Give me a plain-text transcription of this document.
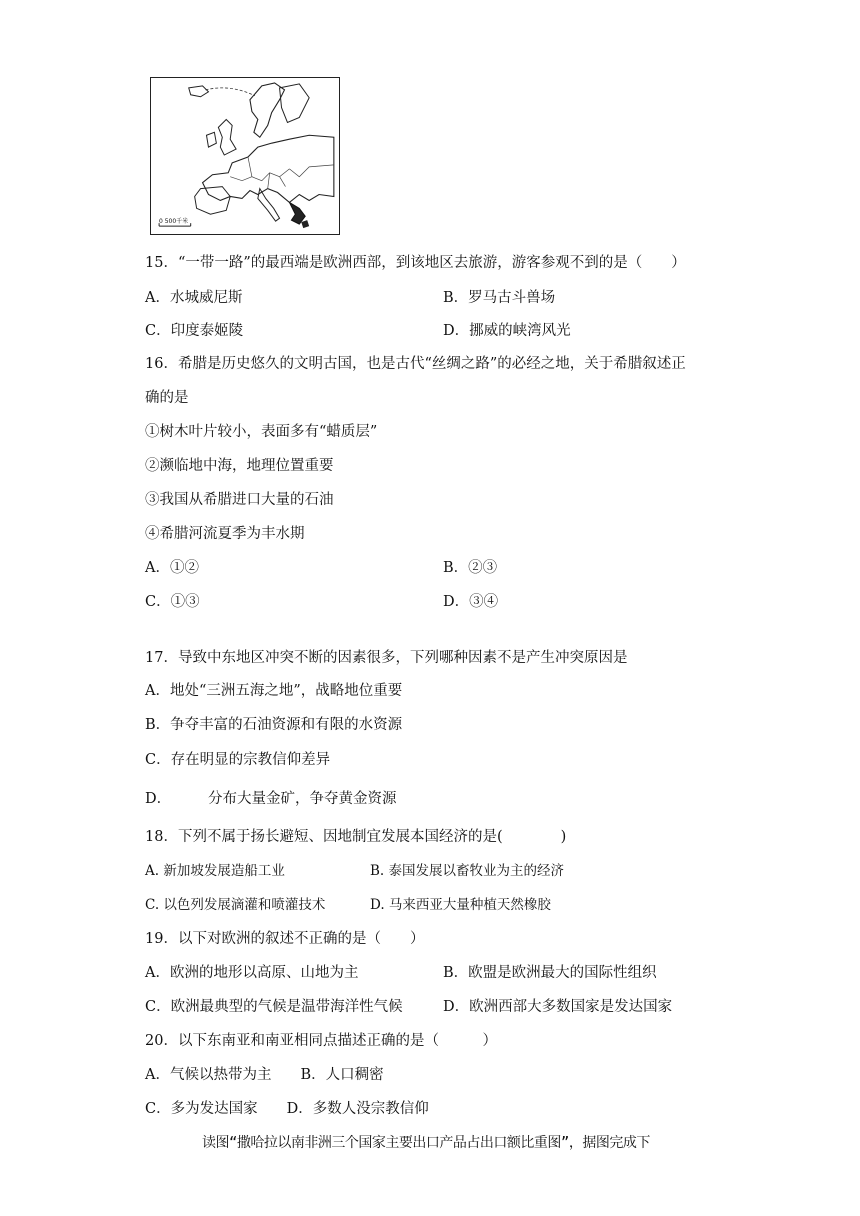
0 500千米
15．“一带一路”的最西端是欧洲西部，到该地区去旅游，游客参观不到的是（　　）
A．水城威尼斯	B．罗马古斗兽场
C．印度泰姬陵	D．挪威的峡湾风光
16．希腊是历史悠久的文明古国，也是古代“丝绸之路”的必经之地，关于希腊叙述正
确的是
①树木叶片较小，表面多有“蜡质层”
②濒临地中海，地理位置重要
③我国从希腊进口大量的石油
④希腊河流夏季为丰水期
A．①②	B．②③
C．①③	D．③④
17．导致中东地区冲突不断的因素很多，下列哪种因素不是产生冲突原因是
A．地处“三洲五海之地”，战略地位重要
B．争夺丰富的石油资源和有限的水资源
C．存在明显的宗教信仰差异
D．        分布大量金矿，争夺黄金资源
18．下列不属于扬长避短、因地制宜发展本国经济的是(　　　　)
A. 新加坡发展造船工业	B. 泰国发展以畜牧业为主的经济
C. 以色列发展滴灌和喷灌技术	D. 马来西亚大量种植天然橡胶
19．以下对欧洲的叙述不正确的是（　　）
A．欧洲的地形以高原、山地为主	B．欧盟是欧洲最大的国际性组织
C．欧洲最典型的气候是温带海洋性气候	D．欧洲西部大多数国家是发达国家
20．以下东南亚和南亚相同点描述正确的是（　　　）
A．气候以热带为主　　B．人口稠密
C．多为发达国家　　D．多数人没宗教信仰
读图“撒哈拉以南非洲三个国家主要出口产品占出口额比重图”，据图完成下
